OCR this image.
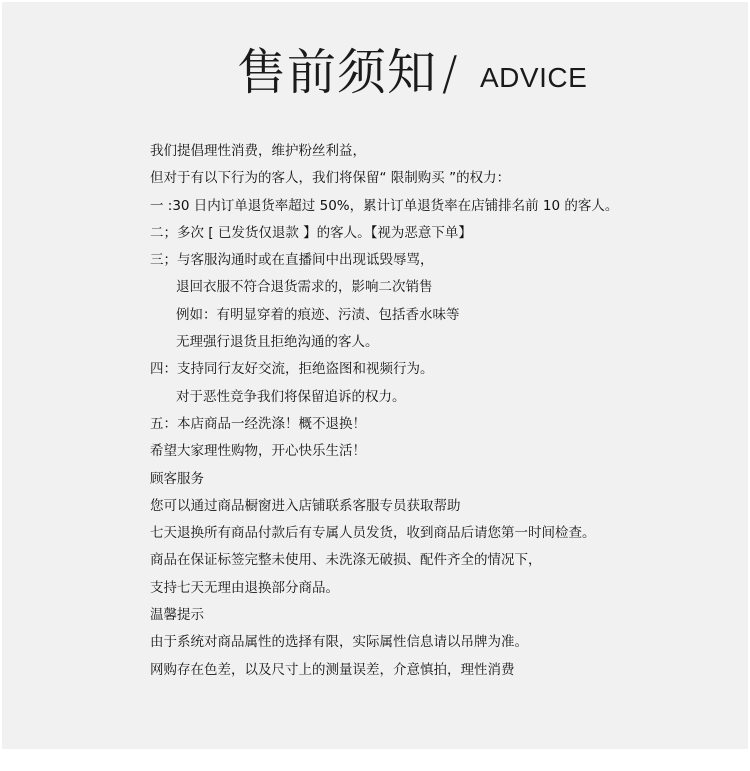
售前须知 / ADVICE
我们提倡理性消费，维护粉丝利益，
但对于有以下行为的客人，我们将保留“ 限制购买 ”的权力：
一 :30 日内订单退货率超过 50%，累计订单退货率在店铺排名前 10 的客人。
二；多次 [ 已发货仅退款 】的客人。【视为恶意下单】
三；与客服沟通时或在直播间中出现诋毁辱骂，
退回衣服不符合退货需求的，影响二次销售
例如：有明显穿着的痕迹、污渍、包括香水味等
无理强行退货且拒绝沟通的客人。
四：支持同行友好交流，拒绝盗图和视频行为。
对于恶性竞争我们将保留追诉的权力。
五：本店商品一经洗涤！概不退换！
希望大家理性购物，开心快乐生活！
顾客服务
您可以通过商品橱窗进入店铺联系客服专员获取帮助
七天退换所有商品付款后有专属人员发货，收到商品后请您第一时间检查。
商品在保证标签完整未使用、未洗涤无破损、配件齐全的情况下，
支持七天无理由退换部分商品。
温馨提示
由于系统对商品属性的选择有限，实际属性信息请以吊牌为准。
网购存在色差，以及尺寸上的测量误差，介意慎拍，理性消费
